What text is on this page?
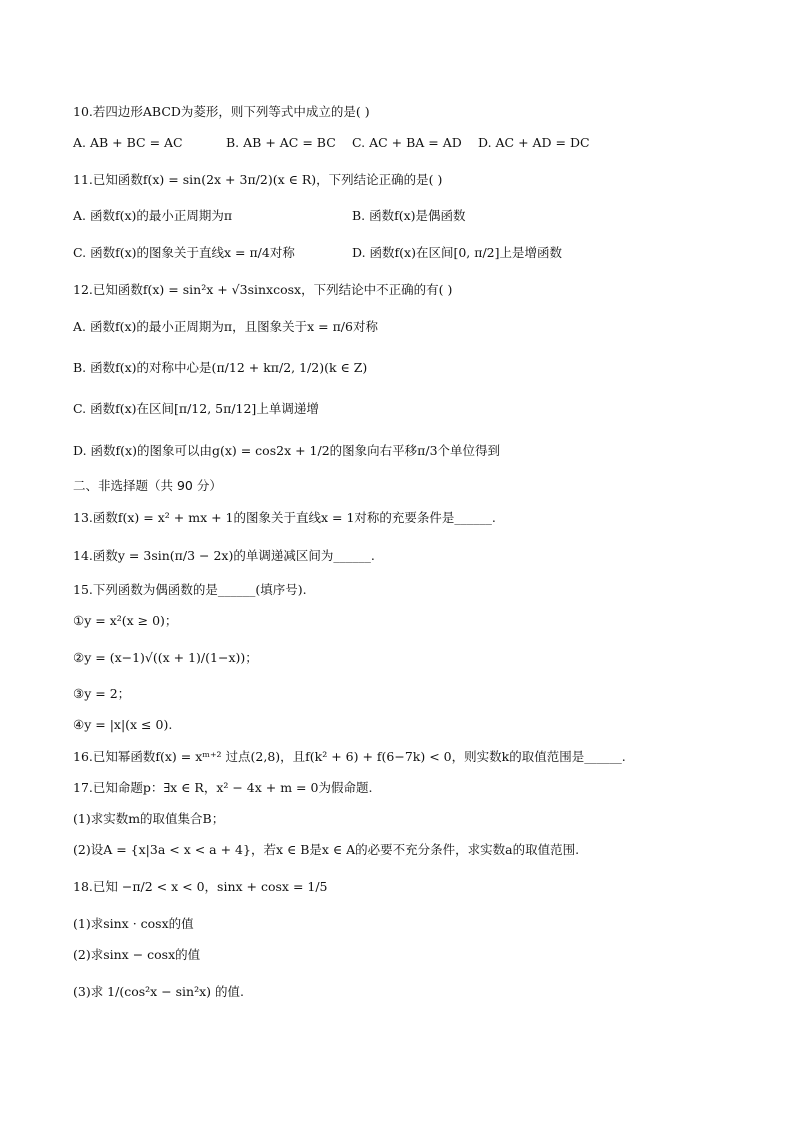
10.若四边形ABCD为菱形，则下列等式中成立的是( )
A. AB + BC = AC	B. AB + AC = BC C. AC + BA = AD D. AC + AD = DC
11.已知函数f(x) = sin(2x + 3π/2)(x ∈ R)，下列结论正确的是( )
A. 函数f(x)的最小正周期为π	B. 函数f(x)是偶函数
C. 函数f(x)的图象关于直线x = π/4对称	D. 函数f(x)在区间[0, π/2]上是增函数
12.已知函数f(x) = sin²x + √3sinxcosx，下列结论中不正确的有( )
A. 函数f(x)的最小正周期为π，且图象关于x = π/6对称
B. 函数f(x)的对称中心是(π/12 + kπ/2, 1/2)(k ∈ Z)
C. 函数f(x)在区间[π/12, 5π/12]上单调递增
D. 函数f(x)的图象可以由g(x) = cos2x + 1/2的图象向右平移π/3个单位得到
二、非选择题（共 90 分）
13.函数f(x) = x² + mx + 1的图象关于直线x = 1对称的充要条件是______.
14.函数y = 3sin(π/3 − 2x)的单调递减区间为______.
15.下列函数为偶函数的是______(填序号).
①y = x²(x ≥ 0)；
②y = (x−1)√((x + 1)/(1−x))；
③y = 2；
④y = |x|(x ≤ 0).
16.已知幂函数f(x) = xᵐ⁺² 过点(2,8)，且f(k² + 6) + f(6−7k) < 0，则实数k的取值范围是______.
17.已知命题p：∃x ∈ R，x² − 4x + m = 0为假命题.
(1)求实数m的取值集合B；
(2)设A = {x|3a < x < a + 4}，若x ∈ B是x ∈ A的必要不充分条件，求实数a的取值范围.
18.已知 −π/2 < x < 0，sinx + cosx = 1/5
(1)求sinx · cosx的值
(2)求sinx − cosx的值
(3)求 1/(cos²x − sin²x) 的值.
